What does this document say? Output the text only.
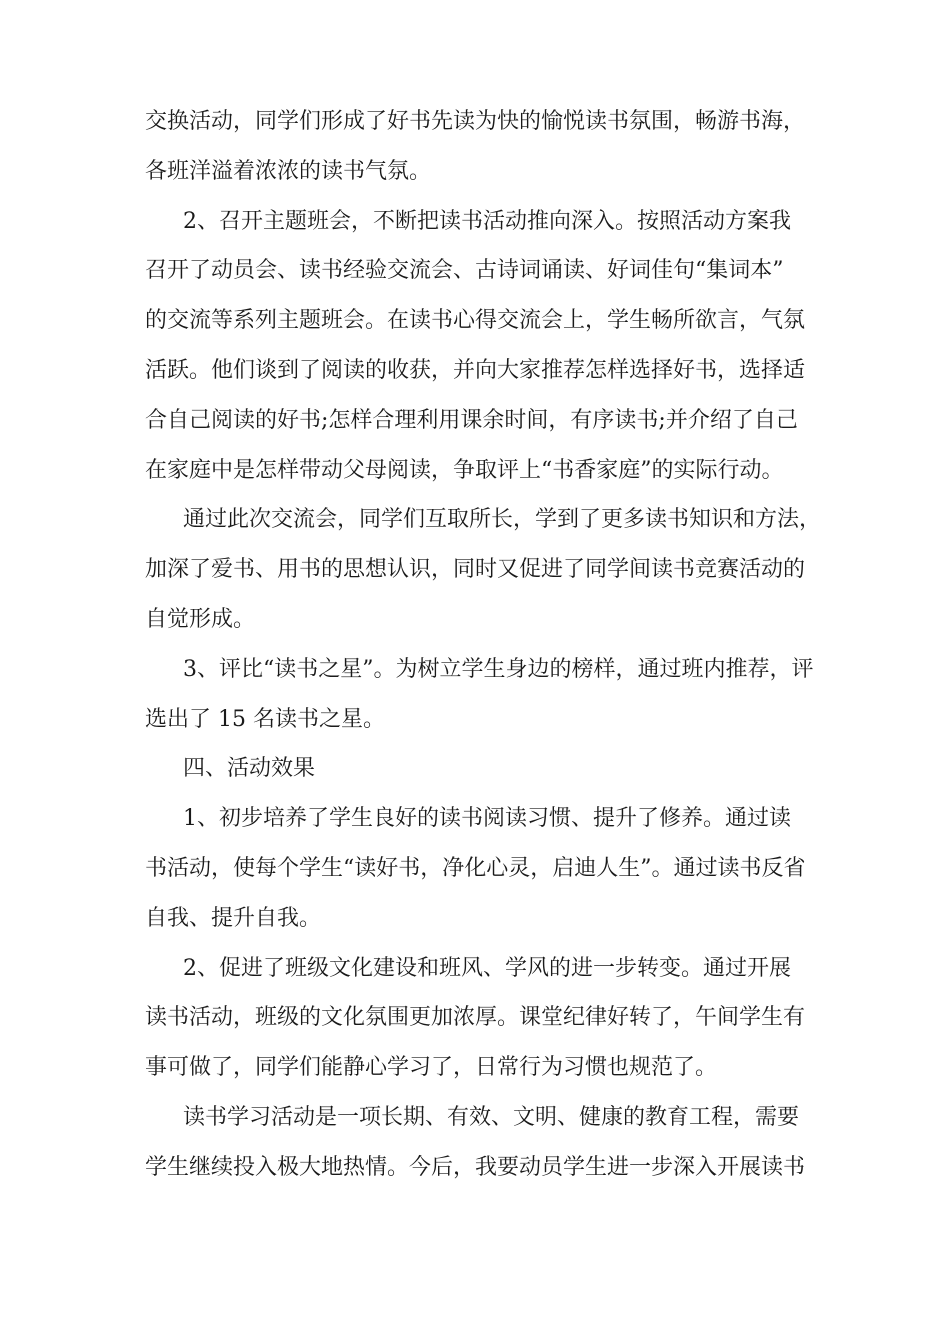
交换活动，同学们形成了好书先读为快的愉悦读书氛围，畅游书海，
各班洋溢着浓浓的读书气氛。
2、召开主题班会，不断把读书活动推向深入。按照活动方案我
召开了动员会、读书经验交流会、古诗词诵读、好词佳句“集词本”
的交流等系列主题班会。在读书心得交流会上，学生畅所欲言，气氛
活跃。他们谈到了阅读的收获，并向大家推荐怎样选择好书，选择适
合自己阅读的好书;怎样合理利用课余时间，有序读书;并介绍了自己
在家庭中是怎样带动父母阅读，争取评上“书香家庭”的实际行动。
通过此次交流会，同学们互取所长，学到了更多读书知识和方法，
加深了爱书、用书的思想认识，同时又促进了同学间读书竞赛活动的
自觉形成。
3、评比“读书之星”。为树立学生身边的榜样，通过班内推荐，评
选出了 15 名读书之星。
四、活动效果
1、初步培养了学生良好的读书阅读习惯、提升了修养。通过读
书活动，使每个学生“读好书，净化心灵，启迪人生”。通过读书反省
自我、提升自我。
2、促进了班级文化建设和班风、学风的进一步转变。通过开展
读书活动，班级的文化氛围更加浓厚。课堂纪律好转了，午间学生有
事可做了，同学们能静心学习了，日常行为习惯也规范了。
读书学习活动是一项长期、有效、文明、健康的教育工程，需要
学生继续投入极大地热情。今后，我要动员学生进一步深入开展读书
